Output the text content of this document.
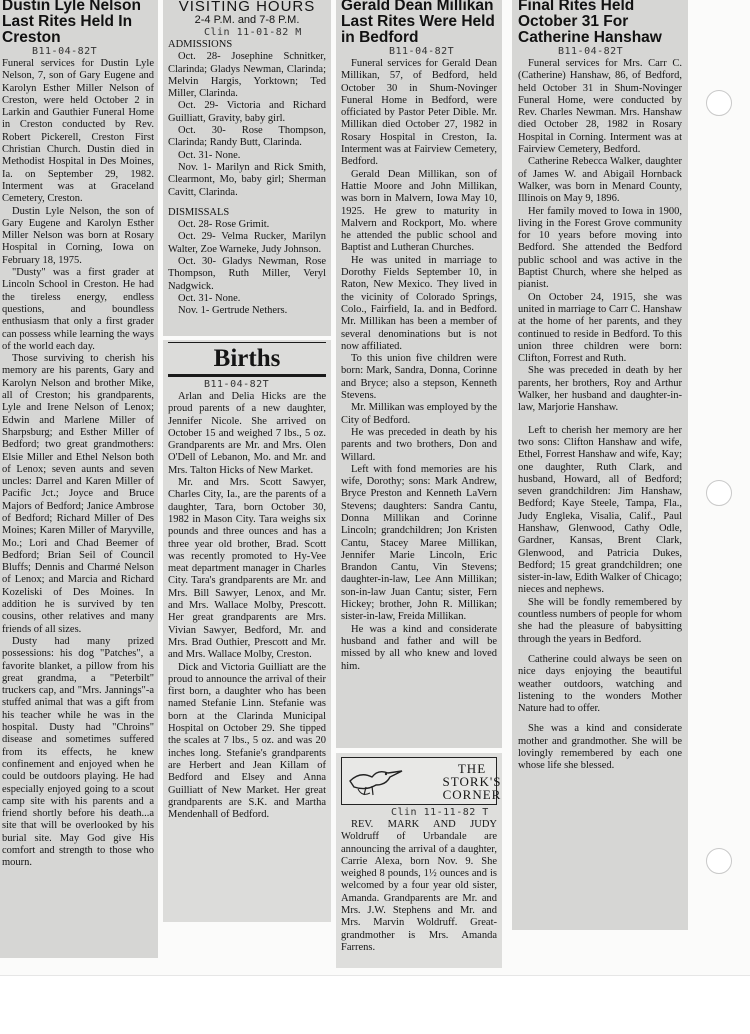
Dustin Lyle Nelson Last Rites Held In Creston
B11-04-82T

Funeral services for Dustin Lyle Nelson, 7, son of Gary Eugene and Karolyn Esther Miller Nelson of Creston, were held October 2 in Larkin and Gauthier Funeral Home in Creston conducted by Rev. Robert Pickerell, Creston First Christian Church. Dustin died in Methodist Hospital in Des Moines, Ia. on September 29, 1982. Interment was at Graceland Cemetery, Creston.

Dustin Lyle Nelson, the son of Gary Eugene and Karolyn Esther Miller Nelson was born at Rosary Hospital in Corning, Iowa on February 18, 1975.

"Dusty" was a first grader at Lincoln School in Creston. He had the tireless energy, endless questions, and boundless enthusiasm that only a first grader can possess while learning the ways of the world each day.

Those surviving to cherish his memory are his parents, Gary and Karolyn Nelson and brother Mike, all of Creston; his grandparents, Lyle and Irene Nelson of Lenox; Edwin and Marlene Miller of Sharpsburg; and Esther Miller of Bedford; two great grandmothers: Elsie Miller and Ethel Nelson both of Lenox; seven aunts and seven uncles: Darrel and Karen Miller of Pacific Jct.; Joyce and Bruce Majors of Bedford; Janice Ambrose of Bedford; Richard Miller of Des Moines; Karen Miller of Maryville, Mo.; Lori and Chad Beemer of Bedford; Brian Seil of Council Bluffs; Dennis and Charmé Nelson of Lenox; and Marcia and Richard Kozeliski of Des Moines. In addition he is survived by ten cousins, other relatives and many friends of all sizes.

Dusty had many prized possessions: his dog "Patches", a favorite blanket, a pillow from his great grandma, a "Peterbilt" truckers cap, and "Mrs. Jannings"-a stuffed animal that was a gift from his teacher while he was in the hospital. Dusty had "Chroins" disease and sometimes suffered from its effects, he knew confinement and enjoyed when he could be outdoors playing. He had especially enjoyed going to a scout camp site with his parents and a friend shortly before his death...a site that will be overlooked by his burial site. May God give His comfort and strength to those who mourn.

VISITING HOURS
2-4 P.M. and 7-8 P.M.
Clin 11-01-82 M
ADMISSIONS

Oct. 28- Josephine Schnitker, Clarinda; Gladys Newman, Clarinda; Melvin Hargis, Yorktown; Ted Miller, Clarinda.

Oct. 29- Victoria and Richard Guilliatt, Gravity, baby girl.

Oct. 30- Rose Thompson, Clarinda; Randy Butt, Clarinda.

Oct. 31- None.

Nov. 1- Marilyn and Rick Smith, Clearmont, Mo, baby girl; Sherman Cavitt, Clarinda.

DISMISSALS

Oct. 28- Rose Grimit.

Oct. 29- Velma Rucker, Marilyn Walter, Zoe Warneke, Judy Johnson.

Oct. 30- Gladys Newman, Rose Thompson, Ruth Miller, Veryl Nadgwick.

Oct. 31- None.

Nov. 1- Gertrude Nethers.

Births
B11-04-82T

Arlan and Delia Hicks are the proud parents of a new daughter, Jennifer Nicole. She arrived on October 15 and weighed 7 lbs., 5 oz. Grandparents are Mr. and Mrs. Olen O'Dell of Lebanon, Mo. and Mr. and Mrs. Talton Hicks of New Market.

Mr. and Mrs. Scott Sawyer, Charles City, Ia., are the parents of a daughter, Tara, born October 30, 1982 in Mason City. Tara weighs six pounds and three ounces and has a three year old brother, Brad. Scott was recently promoted to Hy-Vee meat department manager in Charles City. Tara's grandparents are Mr. and Mrs. Bill Sawyer, Lenox, and Mr. and Mrs. Wallace Molby, Prescott. Her great grandparents are Mrs. Vivian Sawyer, Bedford, Mr. and Mrs. Brad Outhier, Prescott and Mr. and Mrs. Wallace Molby, Creston.

Dick and Victoria Guilliatt are the proud to announce the arrival of their first born, a daughter who has been named Stefanie Linn. Stefanie was born at the Clarinda Municipal Hospital on October 29. She tipped the scales at 7 lbs., 5 oz. and was 20 inches long. Stefanie's grandparents are Herbert and Jean Killam of Bedford and Elsey and Anna Guilliatt of New Market. Her great grandparents are S.K. and Martha Mendenhall of Bedford.

Gerald Dean Millikan Last Rites Were Held in Bedford
B11-04-82T

Funeral services for Gerald Dean Millikan, 57, of Bedford, held October 30 in Shum-Novinger Funeral Home in Bedford, were officiated by Pastor Peter Dible. Mr. Millikan died October 27, 1982 in Rosary Hospital in Creston, Ia. Interment was at Fairview Cemetery, Bedford.

Gerald Dean Millikan, son of Hattie Moore and John Millikan, was born in Malvern, Iowa May 10, 1925. He grew to maturity in Malvern and Rockport, Mo. where he attended the public school and Baptist and Lutheran Churches.

He was united in marriage to Dorothy Fields September 10, in Raton, New Mexico. They lived in the vicinity of Colorado Springs, Colo., Fairfield, Ia. and in Bedford. Mr. Millikan has been a member of several denominations but is not now affiliated.

To this union five children were born: Mark, Sandra, Donna, Corinne and Bryce; also a stepson, Kenneth Stevens.

Mr. Millikan was employed by the City of Bedford.

He was preceded in death by his parents and two brothers, Don and Willard.

Left with fond memories are his wife, Dorothy; sons: Mark Andrew, Bryce Preston and Kenneth LaVern Stevens; daughters: Sandra Cantu, Donna Millikan and Corinne Lincoln; grandchildren; Jon Kristen Cantu, Stacey Maree Millikan, Jennifer Marie Lincoln, Eric Brandon Cantu, Vin Stevens; daughter-in-law, Lee Ann Millikan; son-in-law Juan Cantu; sister, Fern Hickey; brother, John R. Millikan; sister-in-law, Freida Millikan.

He was a kind and considerate husband and father and will be missed by all who knew and loved him.

THE
STORK'S
CORNER
Clin 11-11-82 T

REV. MARK AND JUDY Woldruff of Urbandale are announcing the arrival of a daughter, Carrie Alexa, born Nov. 9. She weighed 8 pounds, 1½ ounces and is welcomed by a four year old sister, Amanda. Grandparents are Mr. and Mrs. J.W. Stephens and Mr. and Mrs. Marvin Woldruff. Great-grandmother is Mrs. Amanda Farrens.

Final Rites Held October 31 For Catherine Hanshaw
B11-04-82T

Funeral services for Mrs. Carr C. (Catherine) Hanshaw, 86, of Bedford, held October 31 in Shum-Novinger Funeral Home, were conducted by Rev. Charles Newman. Mrs. Hanshaw died October 28, 1982 in Rosary Hospital in Corning. Interment was at Fairview Cemetery, Bedford.

Catherine Rebecca Walker, daughter of James W. and Abigail Hornback Walker, was born in Menard County, Illinois on May 9, 1896.

Her family moved to Iowa in 1900, living in the Forest Grove community for 10 years before moving into Bedford. She attended the Bedford public school and was active in the Baptist Church, where she helped as pianist.

On October 24, 1915, she was united in marriage to Carr C. Hanshaw at the home of her parents, and they continued to reside in Bedford. To this union three children were born: Clifton, Forrest and Ruth.

She was preceded in death by her parents, her brothers, Roy and Arthur Walker, her husband and daughter-in-law, Marjorie Hanshaw.

Left to cherish her memory are her two sons: Clifton Hanshaw and wife, Ethel, Forrest Hanshaw and wife, Kay; one daughter, Ruth Clark, and husband, Howard, all of Bedford; seven grandchildren: Jim Hanshaw, Bedford; Kaye Steele, Tampa, Fla., Judy Engleka, Visalia, Calif., Paul Hanshaw, Glenwood, Cathy Odle, Gardner, Kansas, Brent Clark, Glenwood, and Patricia Dukes, Bedford; 15 great grandchildren; one sister-in-law, Edith Walker of Chicago; nieces and nephews.

She will be fondly remembered by countless numbers of people for whom she had the pleasure of babysitting through the years in Bedford.

Catherine could always be seen on nice days enjoying the beautiful weather outdoors, watching and listening to the wonders Mother Nature had to offer.

She was a kind and considerate mother and grandmother. She will be lovingly remembered by each one whose life she blessed.
